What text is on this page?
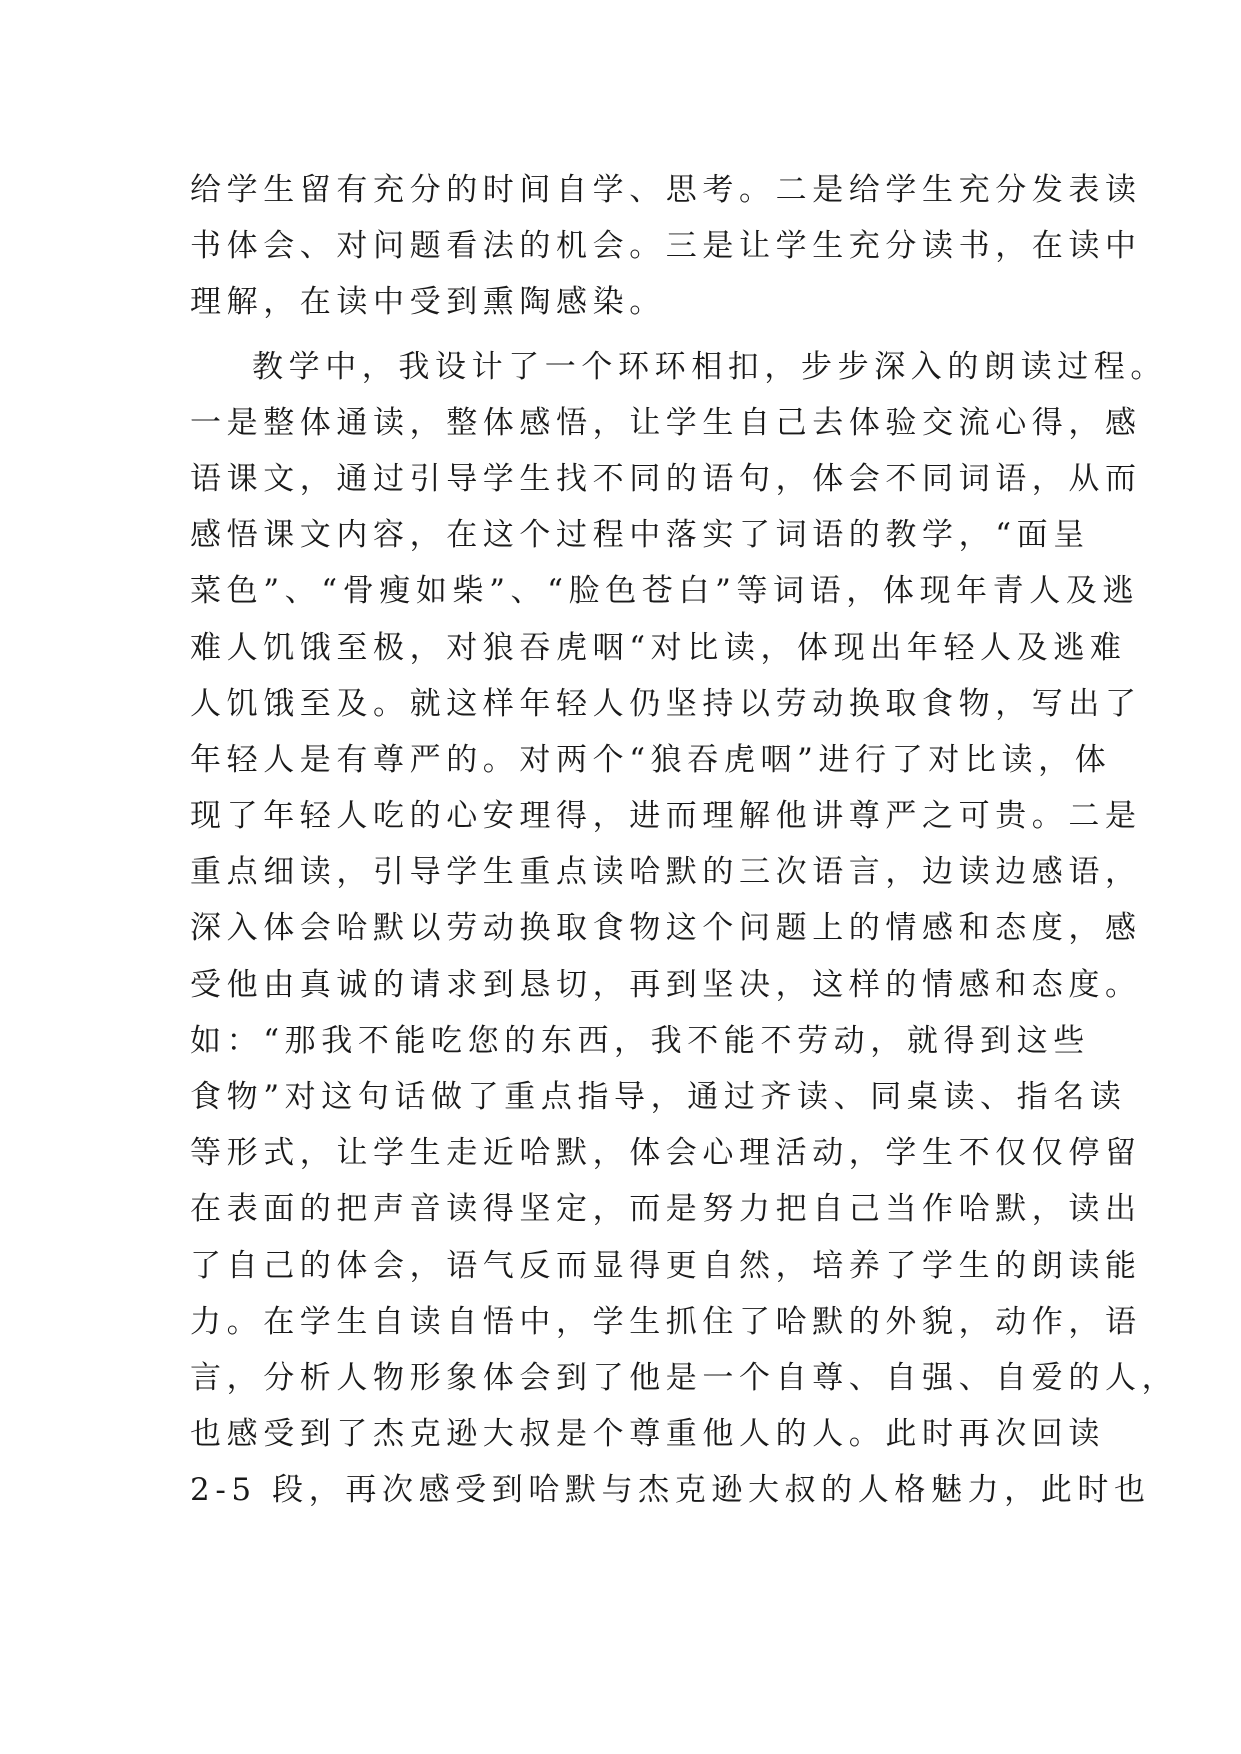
给学生留有充分的时间自学、思考。二是给学生充分发表读

书体会、对问题看法的机会。三是让学生充分读书，在读中

理解，在读中受到熏陶感染。

教学中，我设计了一个环环相扣，步步深入的朗读过程。

一是整体通读，整体感悟，让学生自己去体验交流心得，感

语课文，通过引导学生找不同的语句，体会不同词语，从而

感悟课文内容，在这个过程中落实了词语的教学，“面呈

菜色”、“骨瘦如柴”、“脸色苍白”等词语，体现年青人及逃

难人饥饿至极，对狼吞虎咽“对比读，体现出年轻人及逃难

人饥饿至及。就这样年轻人仍坚持以劳动换取食物，写出了

年轻人是有尊严的。对两个“狼吞虎咽”进行了对比读，体

现了年轻人吃的心安理得，进而理解他讲尊严之可贵。二是

重点细读，引导学生重点读哈默的三次语言，边读边感语，

深入体会哈默以劳动换取食物这个问题上的情感和态度，感

受他由真诚的请求到恳切，再到坚决，这样的情感和态度。

如：“那我不能吃您的东西，我不能不劳动，就得到这些

食物”对这句话做了重点指导，通过齐读、同桌读、指名读

等形式，让学生走近哈默，体会心理活动，学生不仅仅停留

在表面的把声音读得坚定，而是努力把自己当作哈默，读出

了自己的体会，语气反而显得更自然，培养了学生的朗读能

力。在学生自读自悟中，学生抓住了哈默的外貌，动作，语

言，分析人物形象体会到了他是一个自尊、自强、自爱的人，

也感受到了杰克逊大叔是个尊重他人的人。此时再次回读

2-5 段，再次感受到哈默与杰克逊大叔的人格魅力，此时也
